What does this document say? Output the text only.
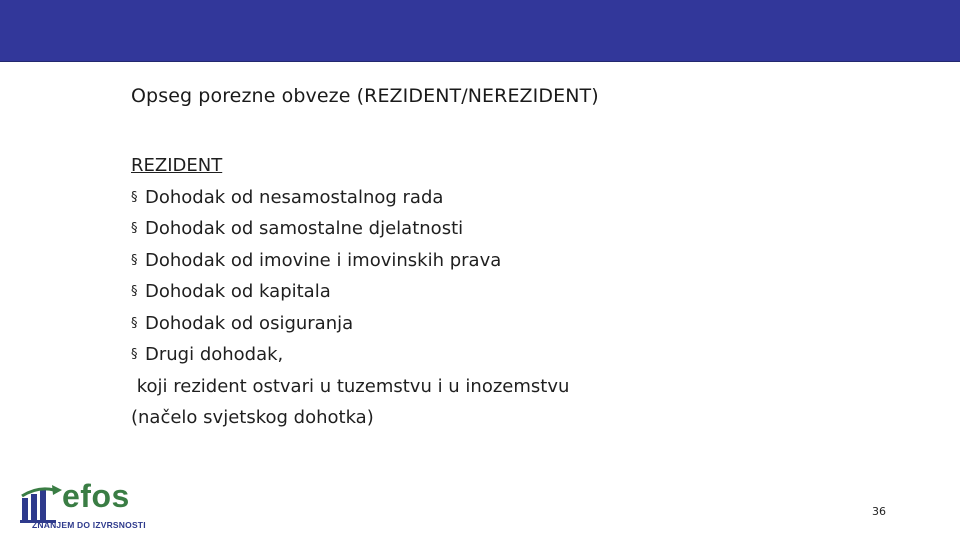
Opseg porezne obveze (REZIDENT/NEREZIDENT)
REZIDENT
§ Dohodak od nesamostalnog rada
§ Dohodak od samostalne djelatnosti
§ Dohodak od imovine i imovinskih prava
§ Dohodak od kapitala
§ Dohodak od osiguranja
§ Drugi dohodak,
koji rezident ostvari u tuzemstvu i u inozemstvu
(načelo svjetskog dohotka)
efos
ZNANJEM DO IZVRSNOSTI
36
